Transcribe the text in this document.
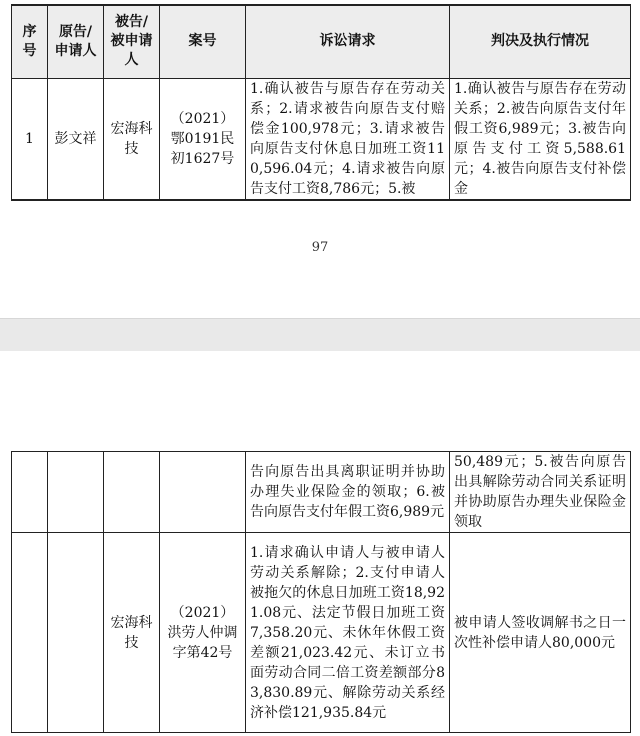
序号	原告/申请人	被告/被申请人	案号	诉讼请求	判决及执行情况
1	彭文祥	宏海科技	（2021）鄂0191民初1627号	1.确认被告与原告存在劳动关系；2.请求被告向原告支付赔偿金100,978元；3.请求被告向原告支付休息日加班工资110,596.04元；4.请求被告向原告支付工资8,786元；5.被	1.确认被告与原告存在劳动关系；2.被告向原告支付年假工资6,989元；3.被告向原告支付工资5,588.61元；4.被告向原告支付补偿金
97
				告向原告出具离职证明并协助办理失业保险金的领取；6.被告向原告支付年假工资6,989元	50,489元；5.被告向原告出具解除劳动合同关系证明并协助原告办理失业保险金领取
		宏海科技	（2021）洪劳人仲调字第42号	1.请求确认申请人与被申请人劳动关系解除；2.支付申请人被拖欠的休息日加班工资18,921.08元、法定节假日加班工资7,358.20元、未休年休假工资差额21,023.42元、未订立书面劳动合同二倍工资差额部分83,830.89元、解除劳动关系经济补偿121,935.84元	被申请人签收调解书之日一次性补偿申请人80,000元
